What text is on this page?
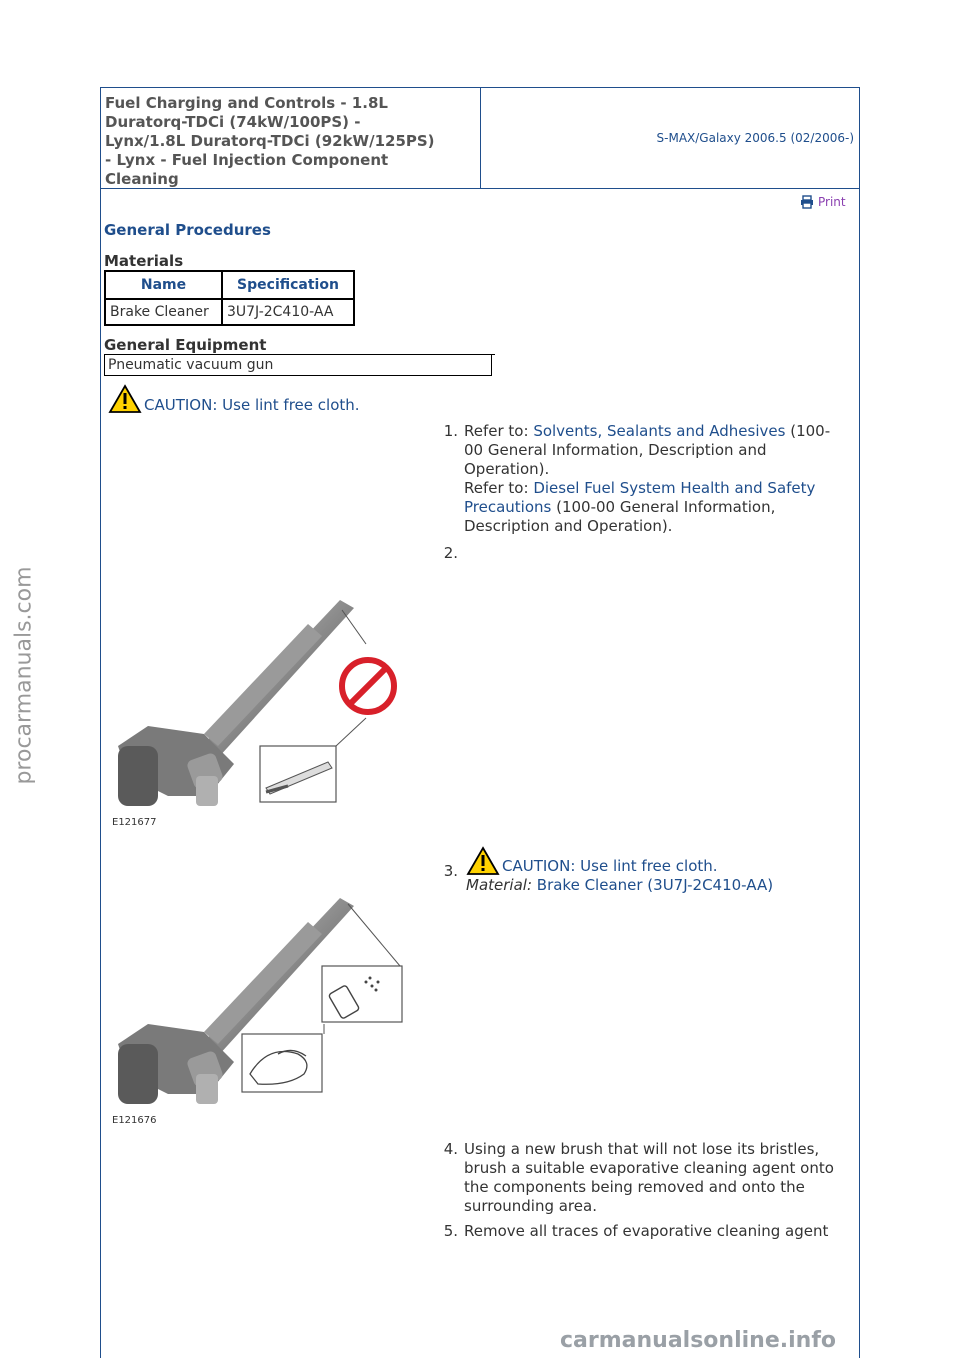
Fuel Charging and Controls - 1.8L
Duratorq-TDCi (74kW/100PS) -
Lynx/1.8L Duratorq-TDCi (92kW/125PS)
- Lynx - Fuel Injection Component
Cleaning
S-MAX/Galaxy 2006.5 (02/2006-)
Print
General Procedures
Materials
Name	Specification
Brake Cleaner	3U7J-2C410-AA
General Equipment
Pneumatic vacuum gun
CAUTION: Use lint free cloth.
1. Refer to: Solvents, Sealants and Adhesives (100-
00 General Information, Description and
Operation).
Refer to: Diesel Fuel System Health and Safety
Precautions (100-00 General Information,
Description and Operation).
2.
E121677
3.	CAUTION: Use lint free cloth.
Material: Brake Cleaner (3U7J-2C410-AA)
E121676
4. Using a new brush that will not lose its bristles,
brush a suitable evaporative cleaning agent onto
the components being removed and onto the
surrounding area.
5. Remove all traces of evaporative cleaning agent
procarmanuals.com
carmanualsonline.info
